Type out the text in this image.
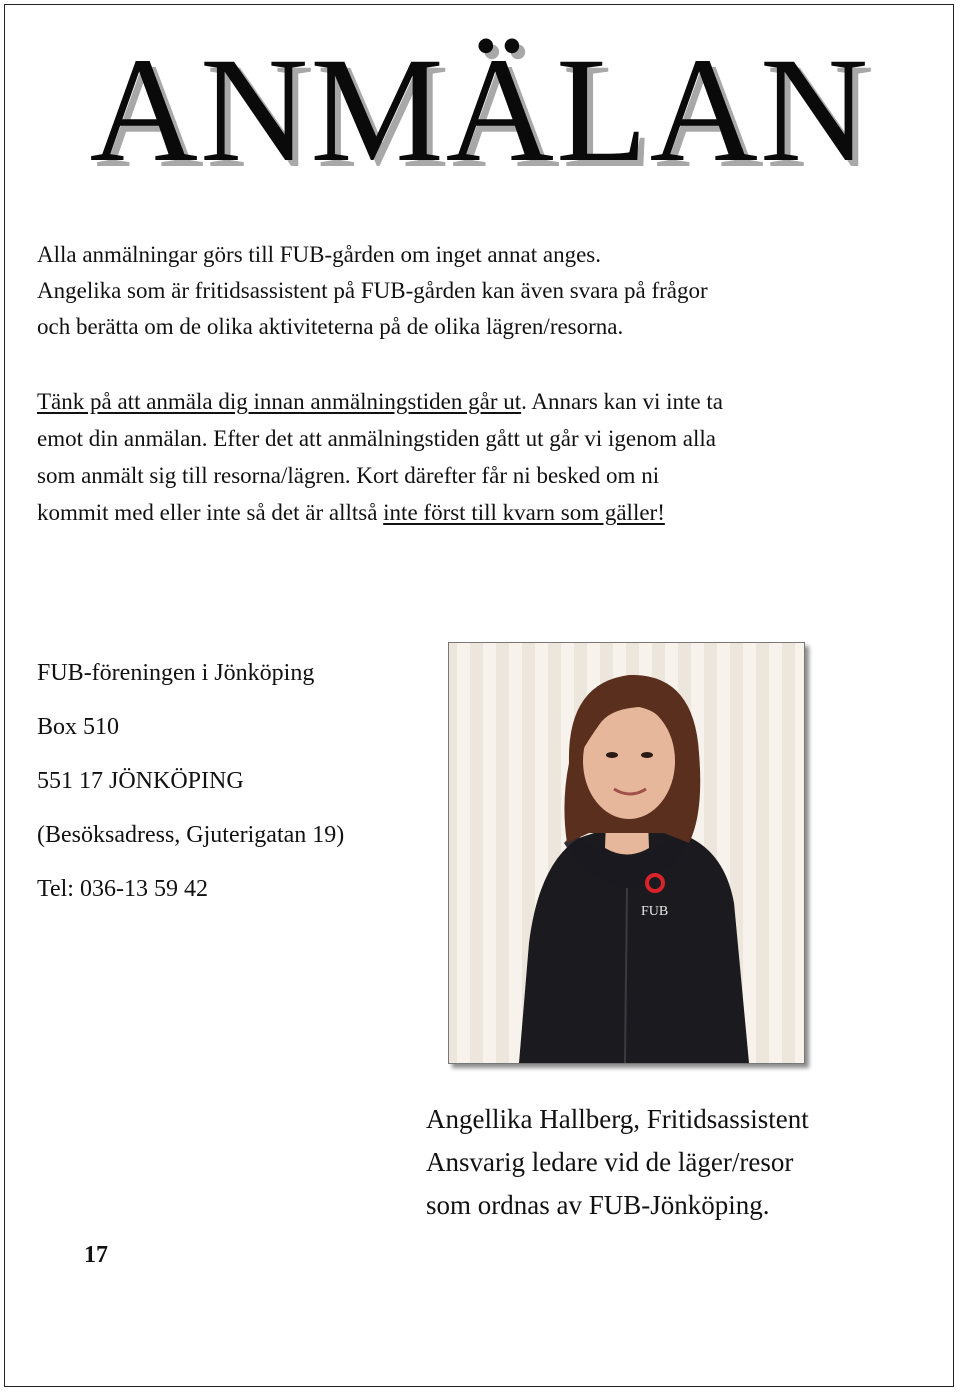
ANMÄLAN

Alla anmälningar görs till FUB-gården om inget annat anges.

Angelika som är fritidsassistent på FUB-gården kan även svara på frågor

och berätta om de olika aktiviteterna på de olika lägren/resorna.

Tänk på att anmäla dig innan anmälningstiden går ut. Annars kan vi inte ta

emot din anmälan. Efter det att anmälningstiden gått ut går vi igenom alla

som anmält sig till resorna/lägren. Kort därefter får ni besked om ni

kommit med eller inte så det är alltså inte först till kvarn som gäller!

FUB-föreningen i Jönköping
Box 510
551 17 JÖNKÖPING
(Besöksadress, Gjuterigatan 19)
Tel: 036-13 59 42
FUB
Angellika Hallberg, Fritidsassistent
Ansvarig ledare vid de läger/resor
som ordnas av FUB-Jönköping.
17
